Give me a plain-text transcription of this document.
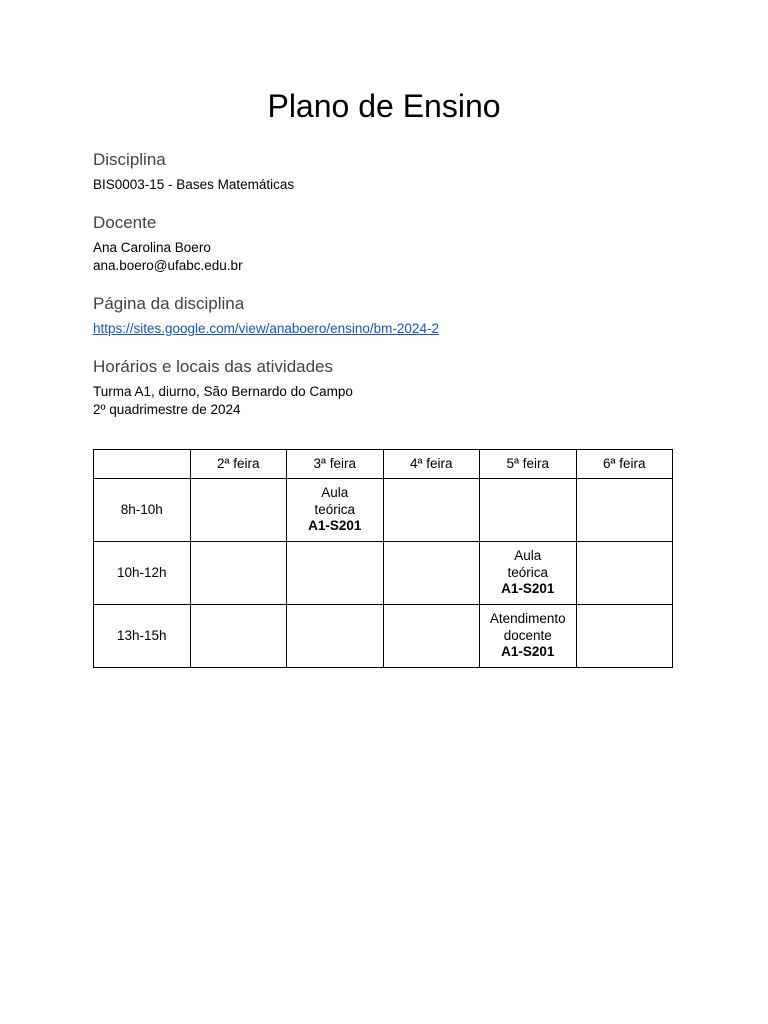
Plano de Ensino
Disciplina

BIS0003-15 - Bases Matemáticas

Docente

Ana Carolina Boero
ana.boero@ufabc.edu.br

Página da disciplina

https://sites.google.com/view/anaboero/ensino/bm-2024-2

Horários e locais das atividades

Turma A1, diurno, São Bernardo do Campo
2º quadrimestre de 2024

	2ª feira	3ª feira	4ª feira	5ª feira	6ª feira
8h-10h		Aula
teórica
A1-S201			

10h-12h				Aula
teórica
A1-S201	

13h-15h				Atendimento
docente
A1-S201	
